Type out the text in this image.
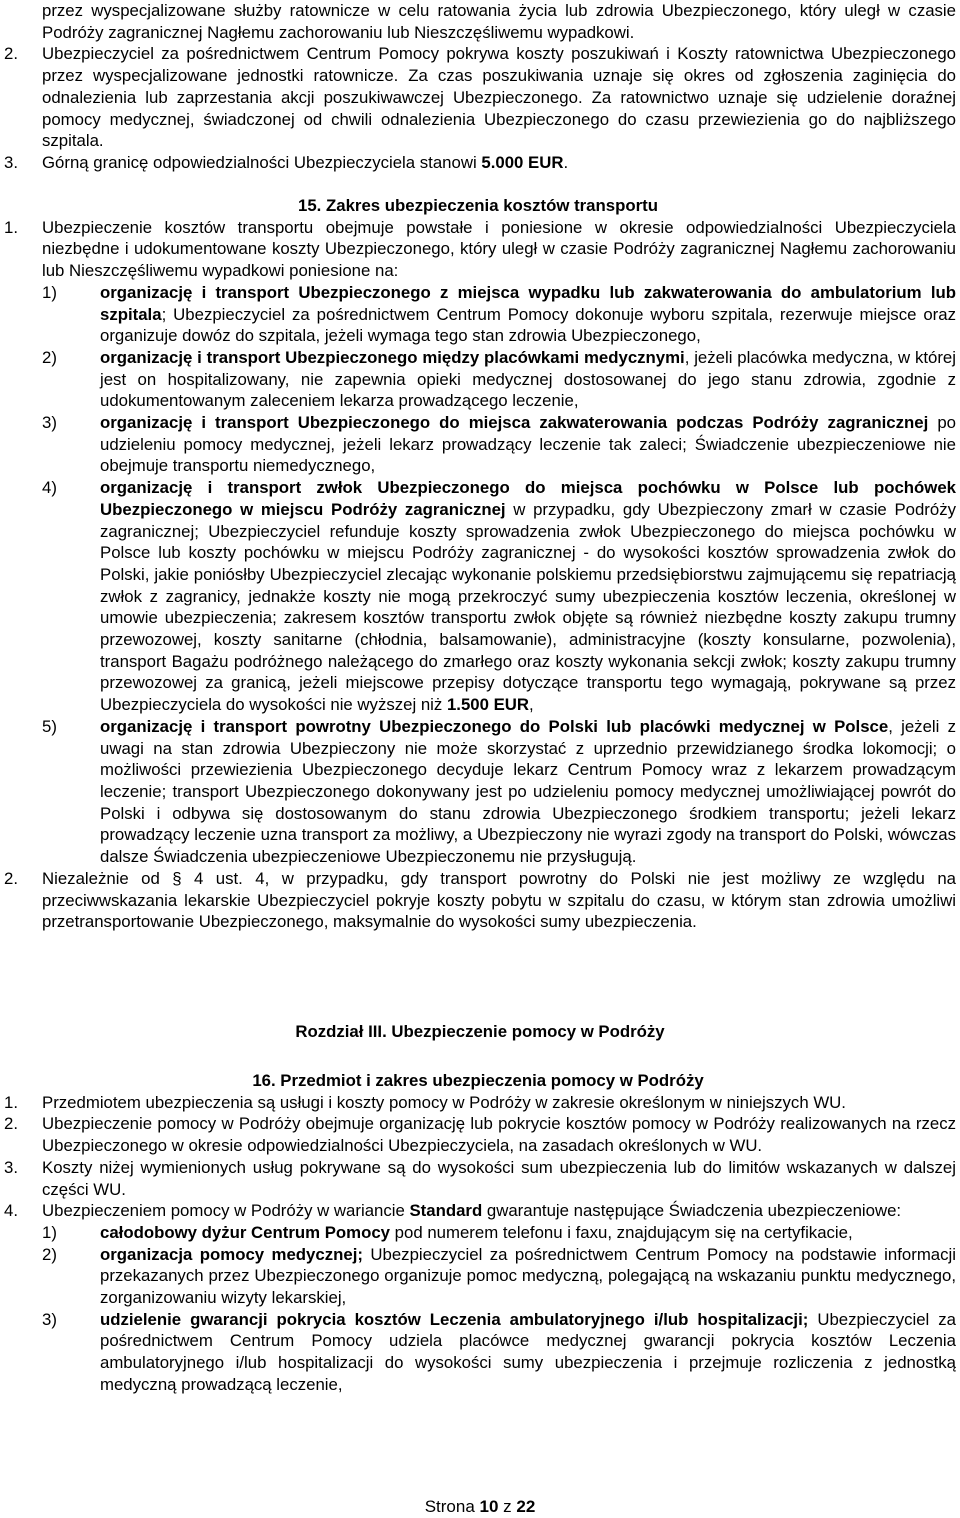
przez wyspecjalizowane służby ratownicze w celu ratowania życia lub zdrowia Ubezpieczonego, który uległ w czasie Podróży zagranicznej Nagłemu zachorowaniu lub Nieszczęśliwemu wypadkowi.

2. Ubezpieczyciel za pośrednictwem Centrum Pomocy pokrywa koszty poszukiwań i Koszty ratownictwa Ubezpieczonego przez wyspecjalizowane jednostki ratownicze. Za czas poszukiwania uznaje się okres od zgłoszenia zaginięcia do odnalezienia lub zaprzestania akcji poszukiwawczej Ubezpieczonego. Za ratownictwo uznaje się udzielenie doraźnej pomocy medycznej, świadczonej od chwili odnalezienia Ubezpieczonego do czasu przewiezienia go do najbliższego szpitala.
3. Górną granicę odpowiedzialności Ubezpieczyciela stanowi 5.000 EUR.

15. Zakres ubezpieczenia kosztów transportu

1. Ubezpieczenie kosztów transportu obejmuje powstałe i poniesione w okresie odpowiedzialności Ubezpieczyciela niezbędne i udokumentowane koszty Ubezpieczonego, który uległ w czasie Podróży zagranicznej Nagłemu zachorowaniu lub Nieszczęśliwemu wypadkowi poniesione na:
1)	organizację i transport Ubezpieczonego z miejsca wypadku lub zakwaterowania do ambulatorium lub szpitala; Ubezpieczyciel za pośrednictwem Centrum Pomocy dokonuje wyboru szpitala, rezerwuje miejsce oraz organizuje dowóz do szpitala, jeżeli wymaga tego stan zdrowia Ubezpieczonego,
2)	organizację i transport Ubezpieczonego między placówkami medycznymi, jeżeli placówka medyczna, w której jest on hospitalizowany, nie zapewnia opieki medycznej dostosowanej do jego stanu zdrowia, zgodnie z udokumentowanym zaleceniem lekarza prowadzącego leczenie,
3)	organizację i transport Ubezpieczonego do miejsca zakwaterowania podczas Podróży zagranicznej po udzieleniu pomocy medycznej, jeżeli lekarz prowadzący leczenie tak zaleci; Świadczenie ubezpieczeniowe nie obejmuje transportu niemedycznego,
4)	organizację i transport zwłok Ubezpieczonego do miejsca pochówku w Polsce lub pochówek Ubezpieczonego w miejscu Podróży zagranicznej w przypadku, gdy Ubezpieczony zmarł w czasie Podróży zagranicznej; Ubezpieczyciel refunduje koszty sprowadzenia zwłok Ubezpieczonego do miejsca pochówku w Polsce lub koszty pochówku w miejscu Podróży zagranicznej - do wysokości kosztów sprowadzenia zwłok do Polski, jakie poniósłby Ubezpieczyciel zlecając wykonanie polskiemu przedsiębiorstwu zajmującemu się repatriacją zwłok z zagranicy, jednakże koszty nie mogą przekroczyć sumy ubezpieczenia kosztów leczenia, określonej w umowie ubezpieczenia; zakresem kosztów transportu zwłok objęte są również niezbędne koszty zakupu trumny przewozowej, koszty sanitarne (chłodnia, balsamowanie), administracyjne (koszty konsularne, pozwolenia), transport Bagażu podróżnego należącego do zmarłego oraz koszty wykonania sekcji zwłok; koszty zakupu trumny przewozowej za granicą, jeżeli miejscowe przepisy dotyczące transportu tego wymagają, pokrywane są przez Ubezpieczyciela do wysokości nie wyższej niż 1.500 EUR,
5)	organizację i transport powrotny Ubezpieczonego do Polski lub placówki medycznej w Polsce, jeżeli z uwagi na stan zdrowia Ubezpieczony nie może skorzystać z uprzednio przewidzianego środka lokomocji; o możliwości przewiezienia Ubezpieczonego decyduje lekarz Centrum Pomocy wraz z lekarzem prowadzącym leczenie; transport Ubezpieczonego dokonywany jest po udzieleniu pomocy medycznej umożliwiającej powrót do Polski i odbywa się dostosowanym do stanu zdrowia Ubezpieczonego środkiem transportu; jeżeli lekarz prowadzący leczenie uzna transport za możliwy, a Ubezpieczony nie wyrazi zgody na transport do Polski, wówczas dalsze Świadczenia ubezpieczeniowe Ubezpieczonemu nie przysługują.
2. Niezależnie od § 4 ust. 4, w przypadku, gdy transport powrotny do Polski nie jest możliwy ze względu na przeciwwskazania lekarskie Ubezpieczyciel pokryje koszty pobytu w szpitalu do czasu, w którym stan zdrowia umożliwi przetransportowanie Ubezpieczonego, maksymalnie do wysokości sumy ubezpieczenia.

Rozdział III. Ubezpieczenie pomocy w Podróży

16. Przedmiot i zakres ubezpieczenia pomocy w Podróży

1. Przedmiotem ubezpieczenia są usługi i koszty pomocy w Podróży w zakresie określonym w niniejszych WU.
2. Ubezpieczenie pomocy w Podróży obejmuje organizację lub pokrycie kosztów pomocy w Podróży realizowanych na rzecz Ubezpieczonego w okresie odpowiedzialności Ubezpieczyciela, na zasadach określonych w WU.
3. Koszty niżej wymienionych usług pokrywane są do wysokości sum ubezpieczenia lub do limitów wskazanych w dalszej części WU.
4. Ubezpieczeniem pomocy w Podróży w wariancie Standard gwarantuje następujące Świadczenia ubezpieczeniowe:
1)	całodobowy dyżur Centrum Pomocy pod numerem telefonu i faxu, znajdującym się na certyfikacie,
2)	organizacja pomocy medycznej; Ubezpieczyciel za pośrednictwem Centrum Pomocy na podstawie informacji przekazanych przez Ubezpieczonego organizuje pomoc medyczną, polegającą na wskazaniu punktu medycznego, zorganizowaniu wizyty lekarskiej,
3)	udzielenie gwarancji pokrycia kosztów Leczenia ambulatoryjnego i/lub hospitalizacji; Ubezpieczyciel za pośrednictwem Centrum Pomocy udziela placówce medycznej gwarancji pokrycia kosztów Leczenia ambulatoryjnego i/lub hospitalizacji do wysokości sumy ubezpieczenia i przejmuje rozliczenia z jednostką medyczną prowadzącą leczenie,
Strona 10 z 22
